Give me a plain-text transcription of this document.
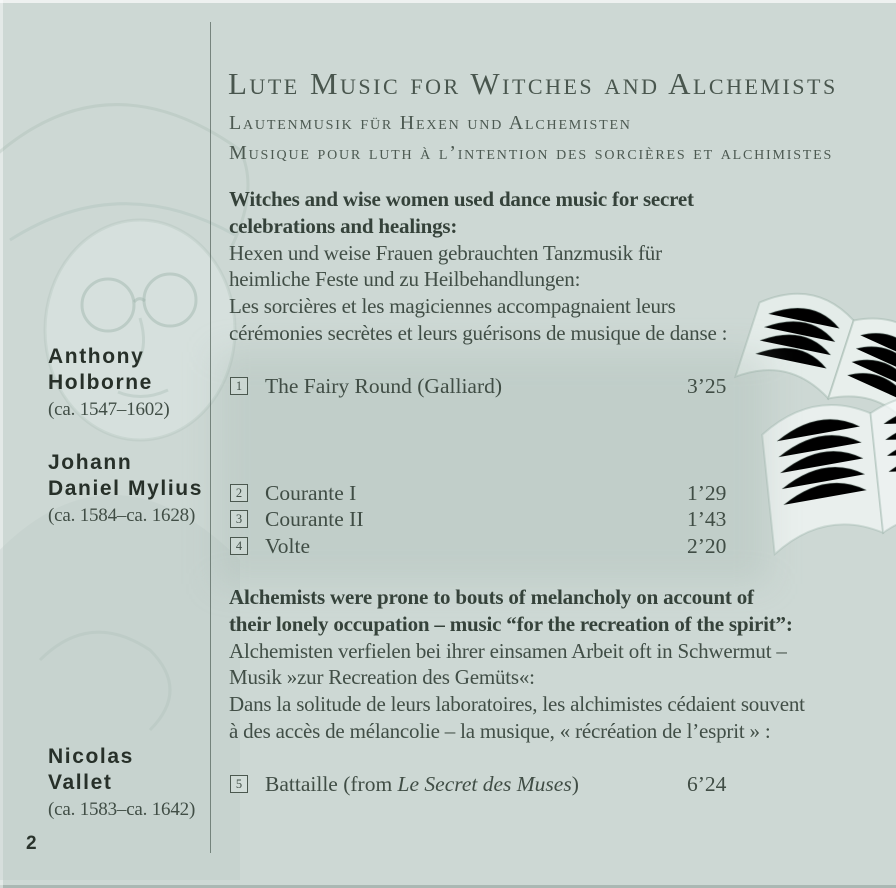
Lute Music for Witches and Alchemists
Lautenmusik für Hexen und Alchemisten
Musique pour luth à l’intention des sorcières et alchimistes
Witches and wise women used dance music for secret
celebrations and healings:
Hexen und weise Frauen gebrauchten Tanzmusik für
heimliche Feste und zu Heilbehandlungen:
Les sorcières et les magiciennes accompagnaient leurs
cérémonies secrètes et leurs guérisons de musique de danse :
Alchemists were prone to bouts of melancholy on account of
their lonely occupation – music “for the recreation of the spirit”:
Alchemisten verfielen bei ihrer einsamen Arbeit oft in Schwermut –
Musik »zur Recreation des Gemüts«:
Dans la solitude de leurs laboratoires, les alchimistes cédaient souvent
à des accès de mélancolie – la musique, « récréation de l’esprit » :
Anthony
Holborne
(ca. 1547–1602)
Johann
Daniel Mylius
(ca. 1584–ca. 1628)
Nicolas
Vallet
(ca. 1583–ca. 1642)
1 The Fairy Round (Galliard)	3’25
2 Courante I	1’29
3 Courante II	1’43
4 Volte	2’20
5 Battaille (from Le Secret des Muses)	6’24
2
